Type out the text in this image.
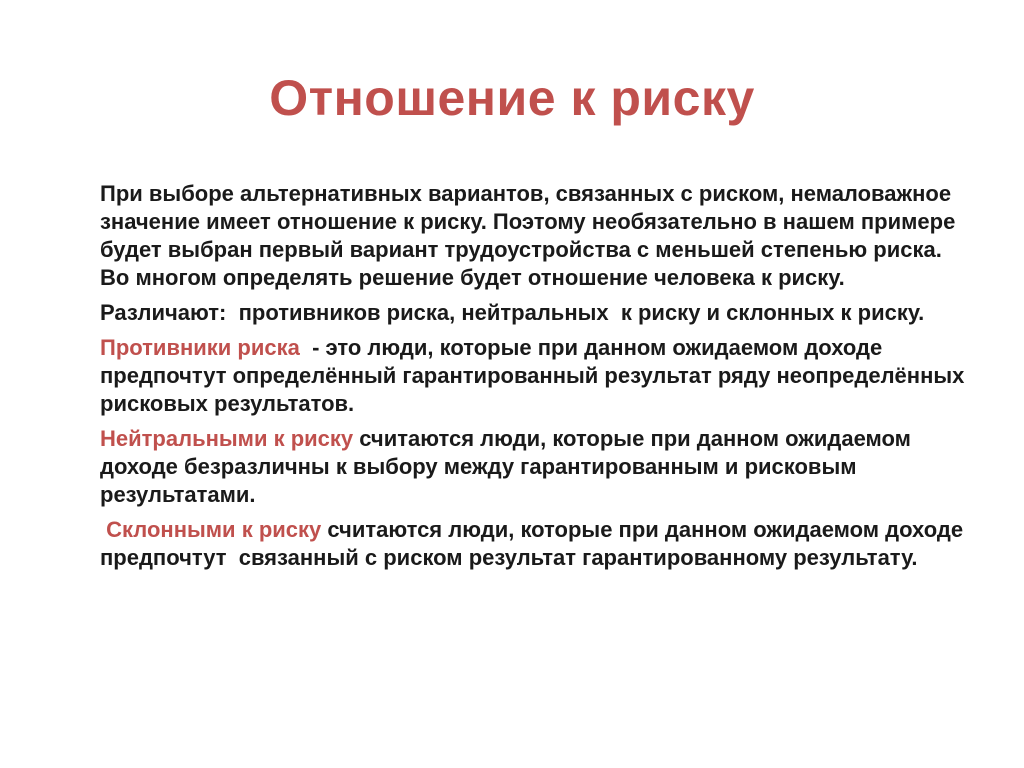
Отношение к риску

При выборе альтернативных вариантов, связанных с риском, немаловажное значение имеет отношение к риску. Поэтому необязательно в нашем примере будет выбран первый вариант трудоустройства с меньшей степенью риска. Во многом определять решение будет отношение человека к риску.

Различают:  противников риска, нейтральных  к риску и склонных к риску.

Противники риска  - это люди, которые при данном ожидаемом доходе предпочтут определённый гарантированный результат ряду неопределённых рисковых результатов.

Нейтральными к риску считаются люди, которые при данном ожидаемом доходе безразличны к выбору между гарантированным и рисковым результатами.

Склонными к риску считаются люди, которые при данном ожидаемом доходе предпочтут  связанный с риском результат гарантированному результату.
